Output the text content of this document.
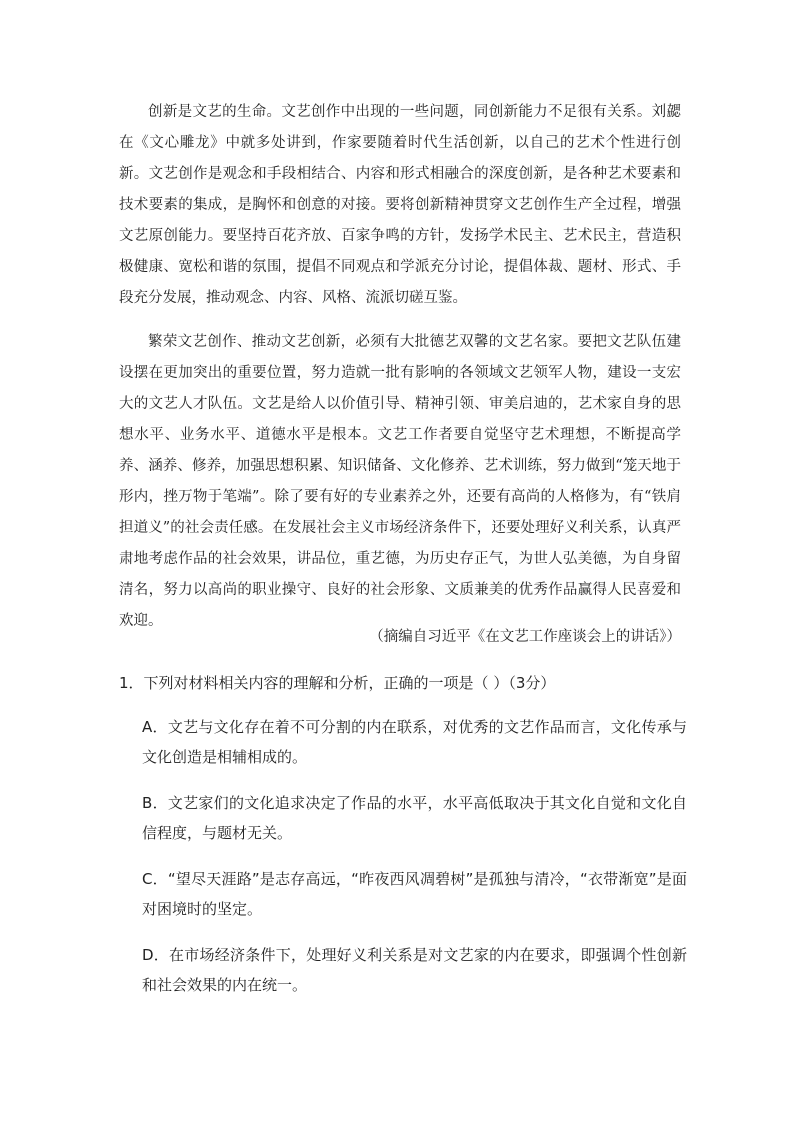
创新是文艺的生命。文艺创作中出现的一些问题，同创新能力不足很有关系。刘勰在《文心雕龙》中就多处讲到，作家要随着时代生活创新，以自己的艺术个性进行创新。文艺创作是观念和手段相结合、内容和形式相融合的深度创新，是各种艺术要素和技术要素的集成，是胸怀和创意的对接。要将创新精神贯穿文艺创作生产全过程，增强文艺原创能力。要坚持百花齐放、百家争鸣的方针，发扬学术民主、艺术民主，营造积极健康、宽松和谐的氛围，提倡不同观点和学派充分讨论，提倡体裁、题材、形式、手段充分发展，推动观念、内容、风格、流派切磋互鉴。

繁荣文艺创作、推动文艺创新，必须有大批德艺双馨的文艺名家。要把文艺队伍建设摆在更加突出的重要位置，努力造就一批有影响的各领域文艺领军人物，建设一支宏大的文艺人才队伍。文艺是给人以价值引导、精神引领、审美启迪的，艺术家自身的思想水平、业务水平、道德水平是根本。文艺工作者要自觉坚守艺术理想，不断提高学养、涵养、修养，加强思想积累、知识储备、文化修养、艺术训练，努力做到“笼天地于形内，挫万物于笔端”。除了要有好的专业素养之外，还要有高尚的人格修为，有“铁肩担道义”的社会责任感。在发展社会主义市场经济条件下，还要处理好义利关系，认真严肃地考虑作品的社会效果，讲品位，重艺德，为历史存正气，为世人弘美德，为自身留清名，努力以高尚的职业操守、良好的社会形象、文质兼美的优秀作品赢得人民喜爱和欢迎。

（摘编自习近平《在文艺工作座谈会上的讲话》）

1．下列对材料相关内容的理解和分析，正确的一项是（ ）（3分）

A．文艺与文化存在着不可分割的内在联系，对优秀的文艺作品而言，文化传承与文化创造是相辅相成的。

B．文艺家们的文化追求决定了作品的水平，水平高低取决于其文化自觉和文化自信程度，与题材无关。

C．“望尽天涯路”是志存高远，“昨夜西风凋碧树”是孤独与清冷，“衣带渐宽”是面对困境时的坚定。

D．在市场经济条件下，处理好义利关系是对文艺家的内在要求，即强调个性创新和社会效果的内在统一。
